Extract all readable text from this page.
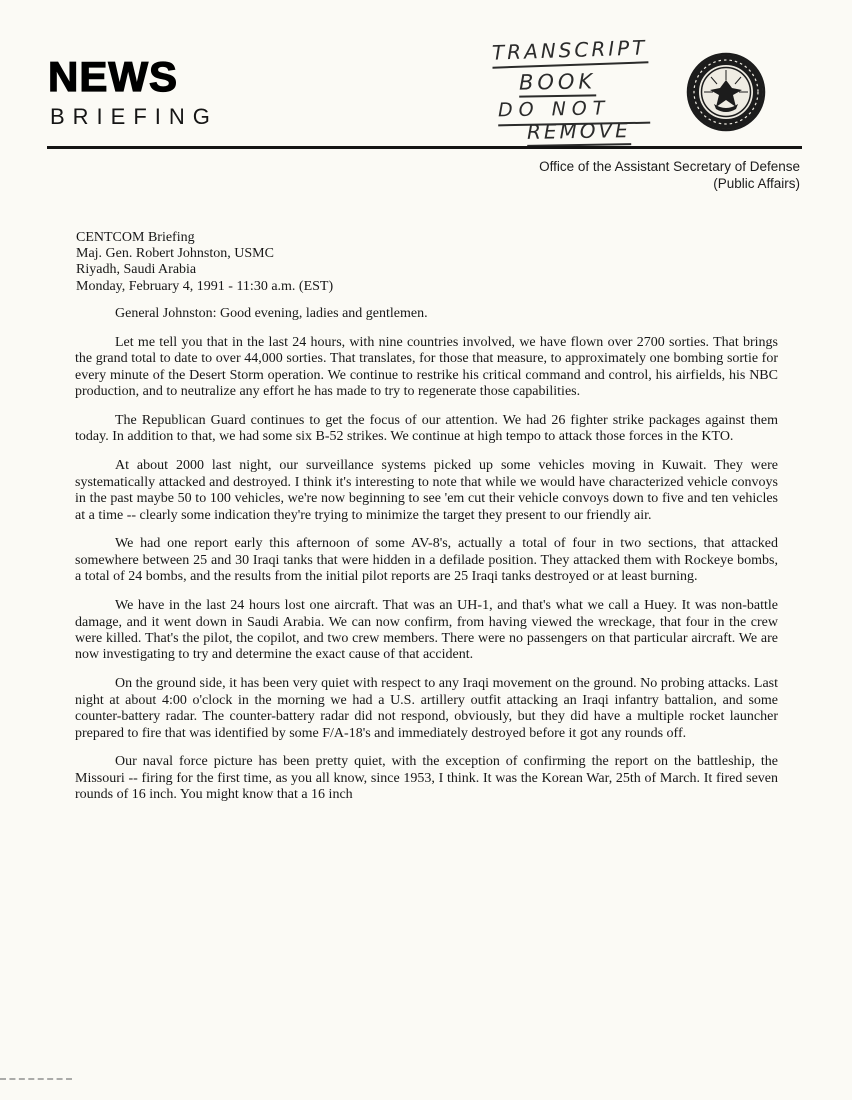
NEWS
BRIEFING
TRANSCRIPT
BOOK
DO NOT
REMOVE
Office of the Assistant Secretary of Defense
(Public Affairs)
CENTCOM Briefing
Maj. Gen. Robert Johnston, USMC
Riyadh, Saudi Arabia
Monday, February 4, 1991 - 11:30 a.m. (EST)

General Johnston: Good evening, ladies and gentlemen.

Let me tell you that in the last 24 hours, with nine countries involved, we have flown over 2700 sorties. That brings the grand total to date to over 44,000 sorties. That translates, for those that measure, to approximately one bombing sortie for every minute of the Desert Storm operation. We continue to restrike his critical command and control, his airfields, his NBC production, and to neutralize any effort he has made to try to regenerate those capabilities.

The Republican Guard continues to get the focus of our attention. We had 26 fighter strike packages against them today. In addition to that, we had some six B-52 strikes. We continue at high tempo to attack those forces in the KTO.

At about 2000 last night, our surveillance systems picked up some vehicles moving in Kuwait. They were systematically attacked and destroyed. I think it's interesting to note that while we would have characterized vehicle convoys in the past maybe 50 to 100 vehicles, we're now beginning to see 'em cut their vehicle convoys down to five and ten vehicles at a time -- clearly some indication they're trying to minimize the target they present to our friendly air.

We had one report early this afternoon of some AV-8's, actually a total of four in two sections, that attacked somewhere between 25 and 30 Iraqi tanks that were hidden in a defilade position. They attacked them with Rockeye bombs, a total of 24 bombs, and the results from the initial pilot reports are 25 Iraqi tanks destroyed or at least burning.

We have in the last 24 hours lost one aircraft. That was an UH-1, and that's what we call a Huey. It was non-battle damage, and it went down in Saudi Arabia. We can now confirm, from having viewed the wreckage, that four in the crew were killed. That's the pilot, the copilot, and two crew members. There were no passengers on that particular aircraft. We are now investigating to try and determine the exact cause of that accident.

On the ground side, it has been very quiet with respect to any Iraqi movement on the ground. No probing attacks. Last night at about 4:00 o'clock in the morning we had a U.S. artillery outfit attacking an Iraqi infantry battalion, and some counter-battery radar. The counter-battery radar did not respond, obviously, but they did have a multiple rocket launcher prepared to fire that was identified by some F/A-18's and immediately destroyed before it got any rounds off.

Our naval force picture has been pretty quiet, with the exception of confirming the report on the battleship, the Missouri -- firing for the first time, as you all know, since 1953, I think. It was the Korean War, 25th of March. It fired seven rounds of 16 inch. You might know that a 16 inch
